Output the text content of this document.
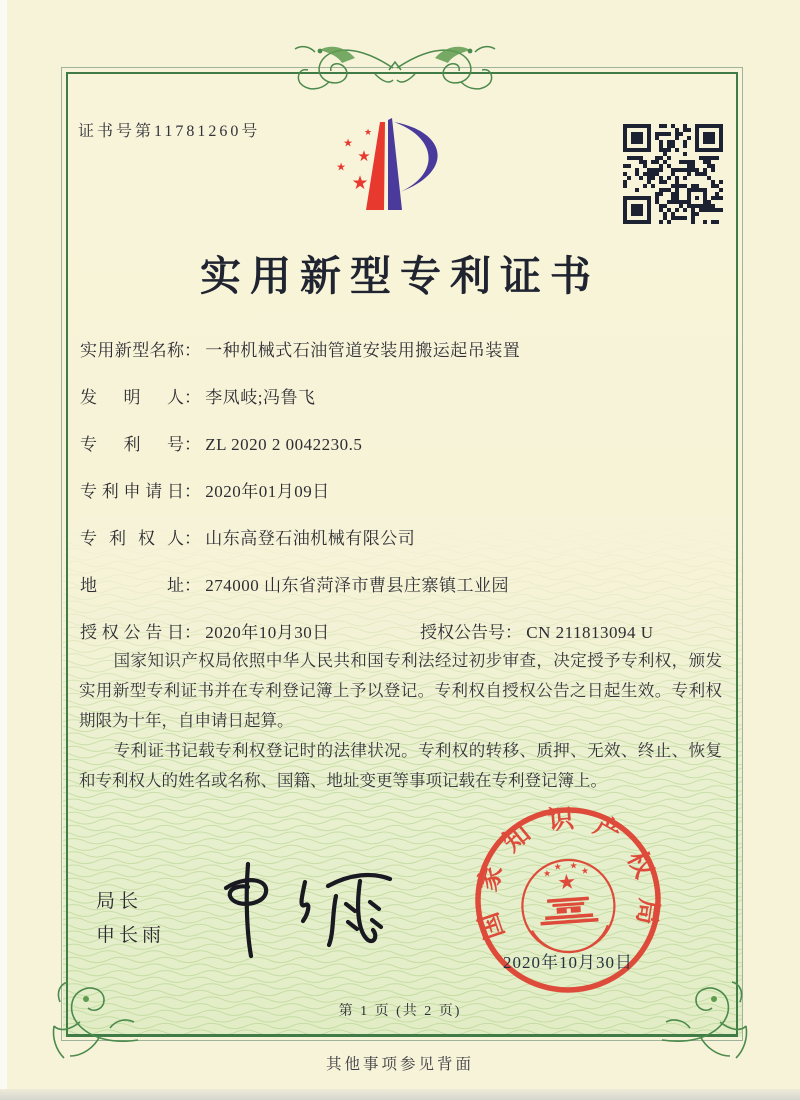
证书号第11781260号	★
★
★
★
★
实用新型专利证书
实用新型名称： 一种机械式石油管道安装用搬运起吊装置
发明人： 李凤岐;冯鲁飞
专利号： ZL 2020 2 0042230.5
专利申请日： 2020年01月09日
专利权人： 山东高登石油机械有限公司
地址： 274000 山东省菏泽市曹县庄寨镇工业园
授权公告日： 2020年10月30日	授权公告号： CN 211813094 U

国家知识产权局依照中华人民共和国专利法经过初步审查，决定授予专利权，颁发实用新型专利证书并在专利登记簿上予以登记。专利权自授权公告之日起生效。专利权期限为十年，自申请日起算。

专利证书记载专利权登记时的法律状况。专利权的转移、质押、无效、终止、恢复和专利权人的姓名或名称、国籍、地址变更等事项记载在专利登记簿上。

局长
申长雨	国家知识产权局
★
★
★ ★ ★
2020年10月30日
第 1 页 (共 2 页)
其他事项参见背面
